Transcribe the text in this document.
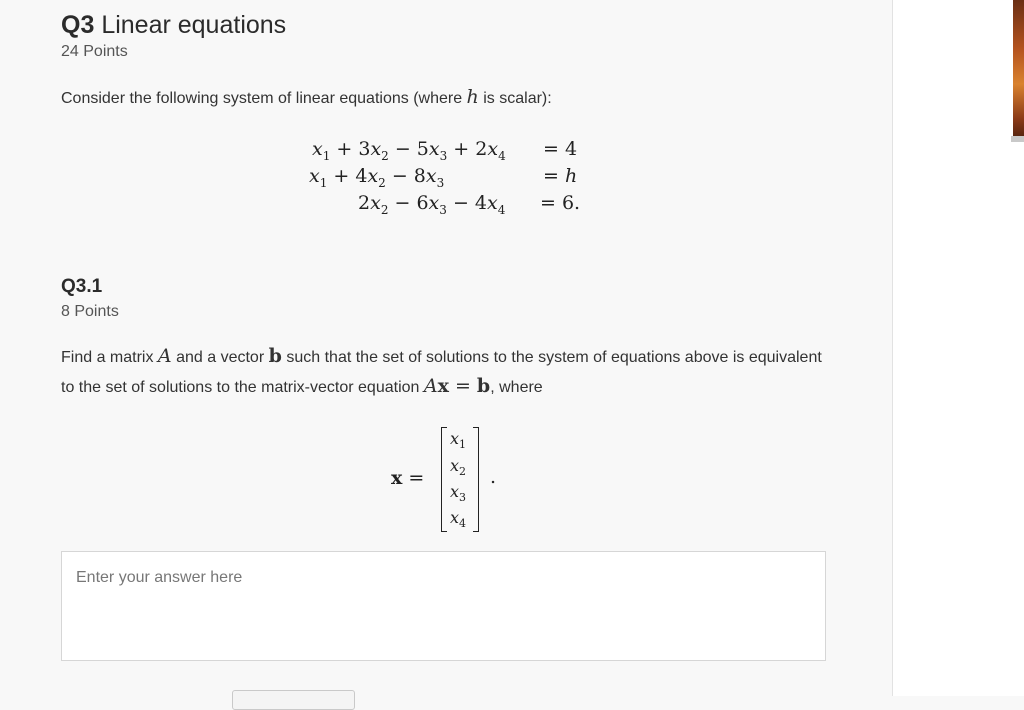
Q3 Linear equations
24 Points
Consider the following system of linear equations (where h is scalar):
$x_1 + 3x_2 - 5x_3 + 2x_4 = 4$
$x_1 + 4x_2 - 8x_3$	= h
$2x_2 - 6x_3 - 4x_4 = 6$.
Q3.1
8 Points
Find a matrix A and a vector b such that the set of solutions to the system of equations above is equivalent to the set of solutions to the matrix-vector equation Ax = b, where
x =
$x_1$
$x_2$
$x_3$
$x_4$
.
Enter your answer here
